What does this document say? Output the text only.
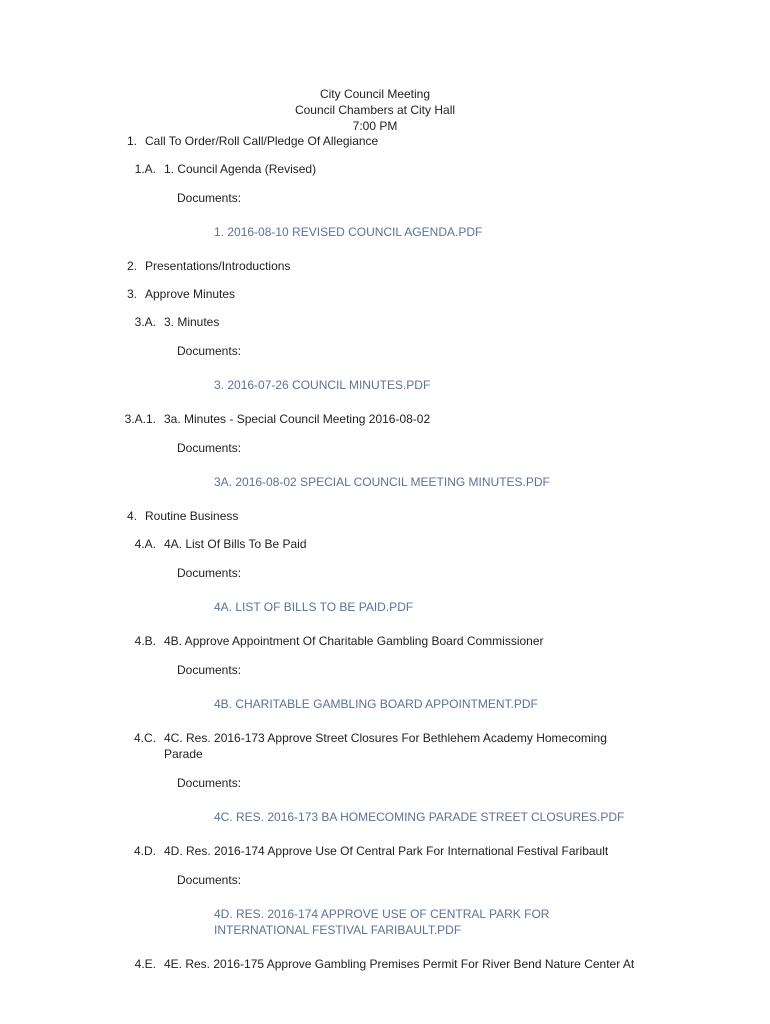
City Council Meeting
Council Chambers at City Hall
7:00 PM
1. Call To Order/Roll Call/Pledge Of Allegiance
1.A. 1. Council Agenda (Revised)
Documents:
1. 2016-08-10 REVISED COUNCIL AGENDA.PDF
2. Presentations/Introductions
3. Approve Minutes
3.A. 3. Minutes
Documents:
3. 2016-07-26 COUNCIL MINUTES.PDF
3.A.1. 3a. Minutes - Special Council Meeting 2016-08-02
Documents:
3A. 2016-08-02 SPECIAL COUNCIL MEETING MINUTES.PDF
4. Routine Business
4.A. 4A. List Of Bills To Be Paid
Documents:
4A. LIST OF BILLS TO BE PAID.PDF
4.B. 4B. Approve Appointment Of Charitable Gambling Board Commissioner
Documents:
4B. CHARITABLE GAMBLING BOARD APPOINTMENT.PDF
4.C. 4C. Res. 2016-173 Approve Street Closures For Bethlehem Academy Homecoming
Parade
Documents:
4C. RES. 2016-173 BA HOMECOMING PARADE STREET CLOSURES.PDF
4.D. 4D. Res. 2016-174 Approve Use Of Central Park For International Festival Faribault
Documents:
4D. RES. 2016-174 APPROVE USE OF CENTRAL PARK FOR
INTERNATIONAL FESTIVAL FARIBAULT.PDF
4.E. 4E. Res. 2016-175 Approve Gambling Premises Permit For River Bend Nature Center At
